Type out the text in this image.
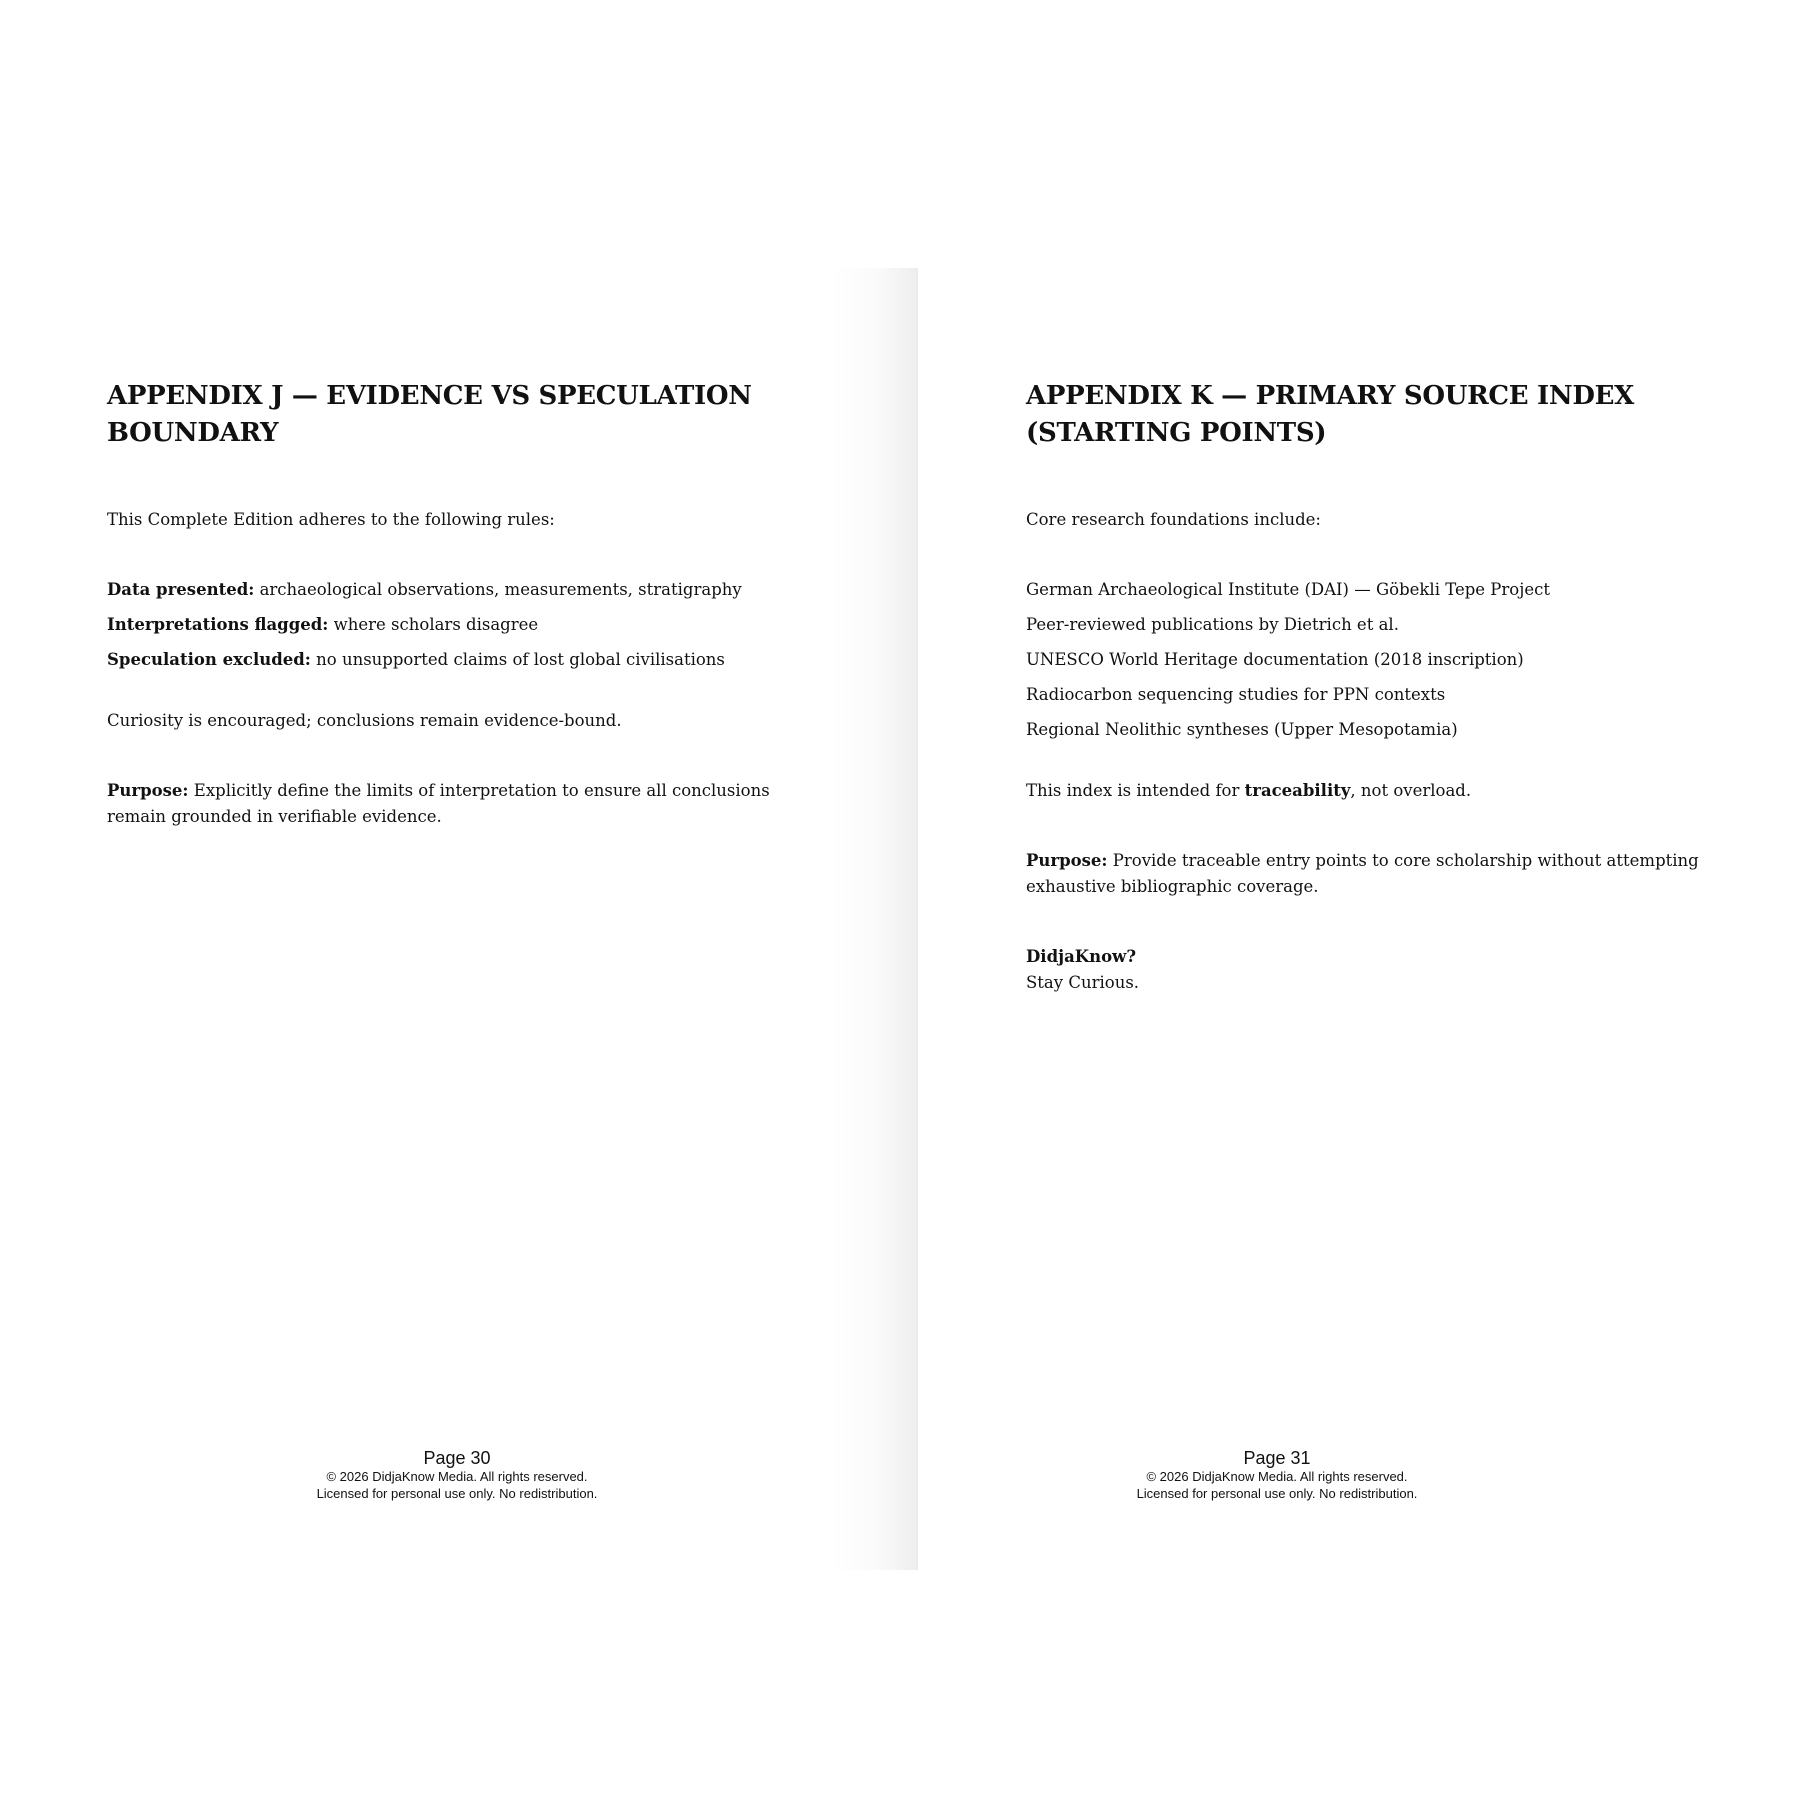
APPENDIX J — EVIDENCE VS SPECULATION BOUNDARY

This Complete Edition adheres to the following rules:

Data presented: archaeological observations, measurements, stratigraphy

Interpretations flagged: where scholars disagree

Speculation excluded: no unsupported claims of lost global civilisations

Curiosity is encouraged; conclusions remain evidence-bound.

Purpose: Explicitly define the limits of interpretation to ensure all conclusions remain grounded in verifiable evidence.

Page 30
© 2026 DidjaKnow Media. All rights reserved.
Licensed for personal use only. No redistribution.
APPENDIX K — PRIMARY SOURCE INDEX (STARTING POINTS)

Core research foundations include:

German Archaeological Institute (DAI) — Göbekli Tepe Project

Peer-reviewed publications by Dietrich et al.

UNESCO World Heritage documentation (2018 inscription)

Radiocarbon sequencing studies for PPN contexts

Regional Neolithic syntheses (Upper Mesopotamia)

This index is intended for traceability, not overload.

Purpose: Provide traceable entry points to core scholarship without attempting exhaustive bibliographic coverage.

DidjaKnow?
Stay Curious.

Page 31
© 2026 DidjaKnow Media. All rights reserved.
Licensed for personal use only. No redistribution.
